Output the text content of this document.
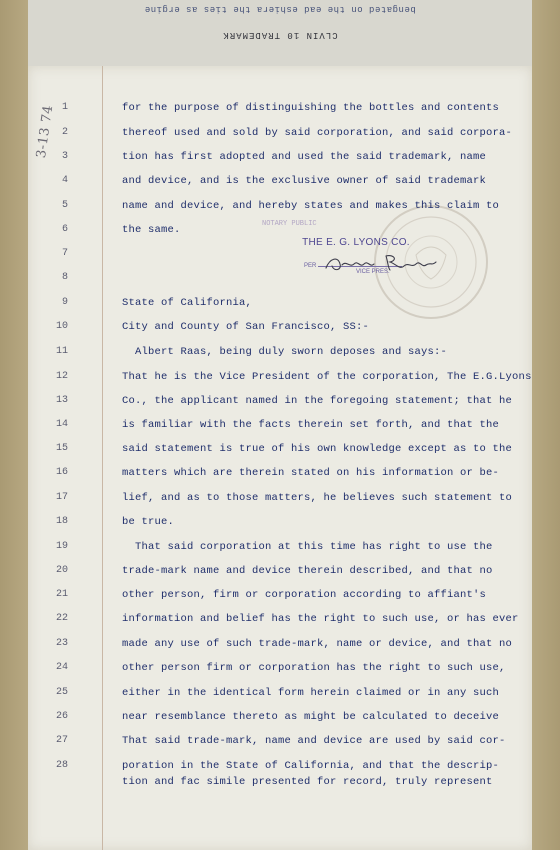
bengated on the ead eshiera the ties as ergine
CLVIN 10 TRADEMARK
3-13 74
NOTARY PUBLIC
THE E. G. LYONS CO.
PER
VICE PRES.
1	for the purpose of distinguishing the bottles and contents
2	thereof used and sold by said corporation, and said corpora-
3	tion has first adopted and used the said trademark, name
4	and device, and is the exclusive owner of said trademark
5	name and device, and hereby states and makes this claim to
6	the same.
7
8
9	State of California,
10	City and County of San Francisco, SS:-
11	Albert Raas, being duly sworn deposes and says:-
12	That he is the Vice President of the corporation, The E.G.Lyons
13	Co., the applicant named in the foregoing statement; that he
14	is familiar with the facts therein set forth, and that the
15	said statement is true of his own knowledge except as to the
16	matters which are therein stated on his information or be-
17	lief, and as to those matters, he believes such statement to
18	be true.
19	That said corporation at this time has right to use the
20	trade-mark name and device therein described, and that no
21	other person, firm or corporation according to affiant's
22	information and belief has the right to such use, or has ever
23	made any use of such trade-mark, name or device, and that no
24	other person firm or corporation has the right to such use,
25	either in the identical form herein claimed or in any such
26	near resemblance thereto as might be calculated to deceive
27	That said trade-mark, name and device are used by said cor-
28	poration in the State of California, and that the descrip-
tion and fac simile presented for record, truly represent
